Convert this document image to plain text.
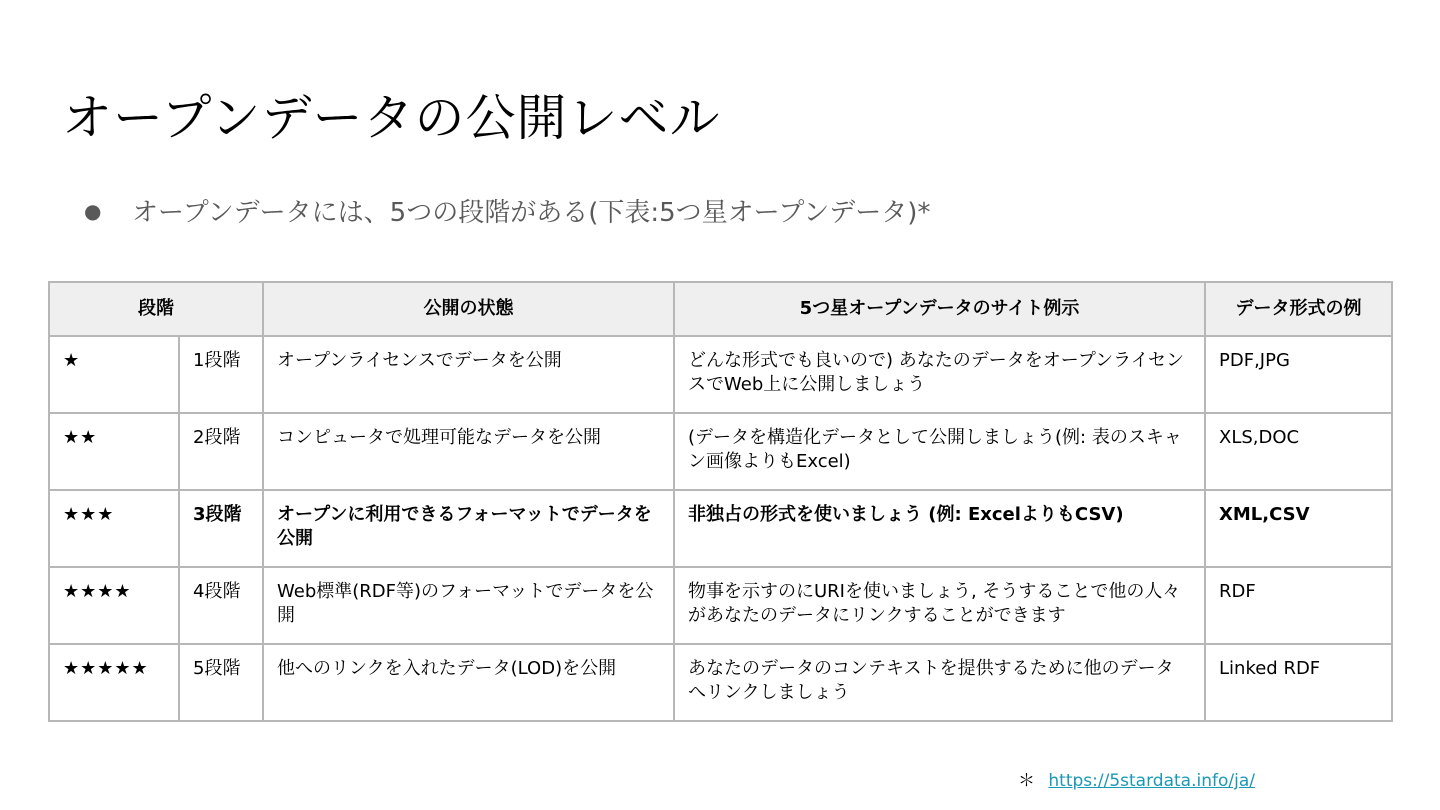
オープンデータの公開レベル
●	オープンデータには、5つの段階がある(下表:5つ星オープンデータ)*
段階		公開の状態	5つ星オープンデータのサイト例示	データ形式の例
★	1段階	オープンライセンスでデータを公開	どんな形式でも良いので) あなたのデータをオープンライセンスでWeb上に公開しましょう	PDF,JPG
★★	2段階	コンピュータで処理可能なデータを公開	(データを構造化データとして公開しましょう(例: 表のスキャン画像よりもExcel)	XLS,DOC
★★★	3段階	オープンに利用できるフォーマットでデータを公開	非独占の形式を使いましょう (例: ExcelよりもCSV)	XML,CSV
★★★★	4段階	Web標準(RDF等)のフォーマットでデータを公開	物事を示すのにURIを使いましょう, そうすることで他の人々があなたのデータにリンクすることができます	RDF
★★★★★	5段階	他へのリンクを入れたデータ(LOD)を公開	あなたのデータのコンテキストを提供するために他のデータへリンクしましょう	Linked RDF
＊ https://5stardata.info/ja/
